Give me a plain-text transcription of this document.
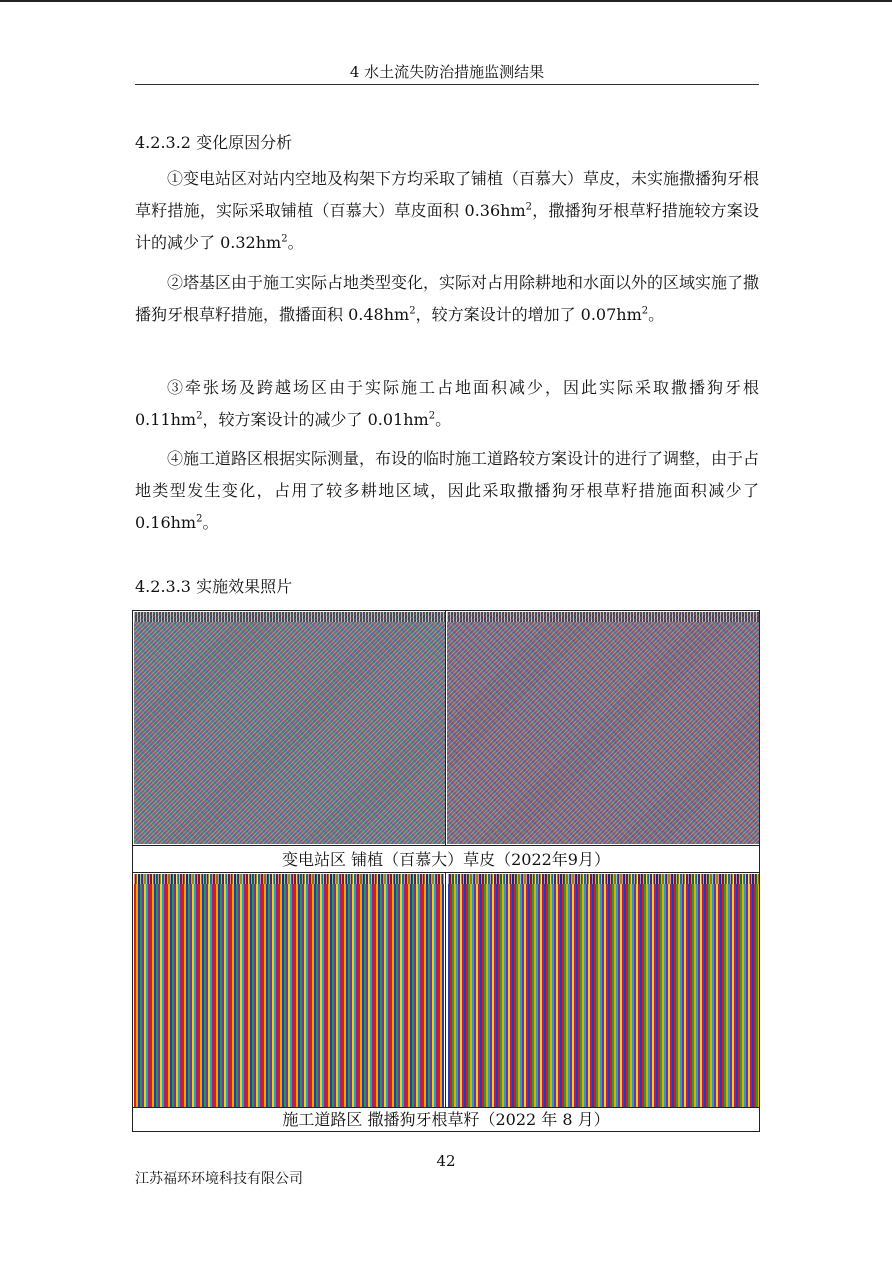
4 水土流失防治措施监测结果
4.2.3.2 变化原因分析

①变电站区对站内空地及构架下方均采取了铺植（百慕大）草皮，未实施撒播狗牙根草籽措施，实际采取铺植（百慕大）草皮面积 $0.36hm^2$，撒播狗牙根草籽措施较方案设计的减少了 $0.32hm^2$。

②塔基区由于施工实际占地类型变化，实际对占用除耕地和水面以外的区域实施了撒播狗牙根草籽措施，撒播面积 $0.48hm^2$，较方案设计的增加了 $0.07hm^2$。

③牵张场及跨越场区由于实际施工占地面积减少，因此实际采取撒播狗牙根 $0.11hm^2$，较方案设计的减少了 $0.01hm^2$。

④施工道路区根据实际测量，布设的临时施工道路较方案设计的进行了调整，由于占地类型发生变化，占用了较多耕地区域，因此采取撒播狗牙根草籽措施面积减少了 $0.16hm^2$。

4.2.3.3 实施效果照片
变电站区 铺植（百慕大）草皮（2022年9月）
施工道路区 撒播狗牙根草籽（2022 年 8 月）
42
江苏福环环境科技有限公司
